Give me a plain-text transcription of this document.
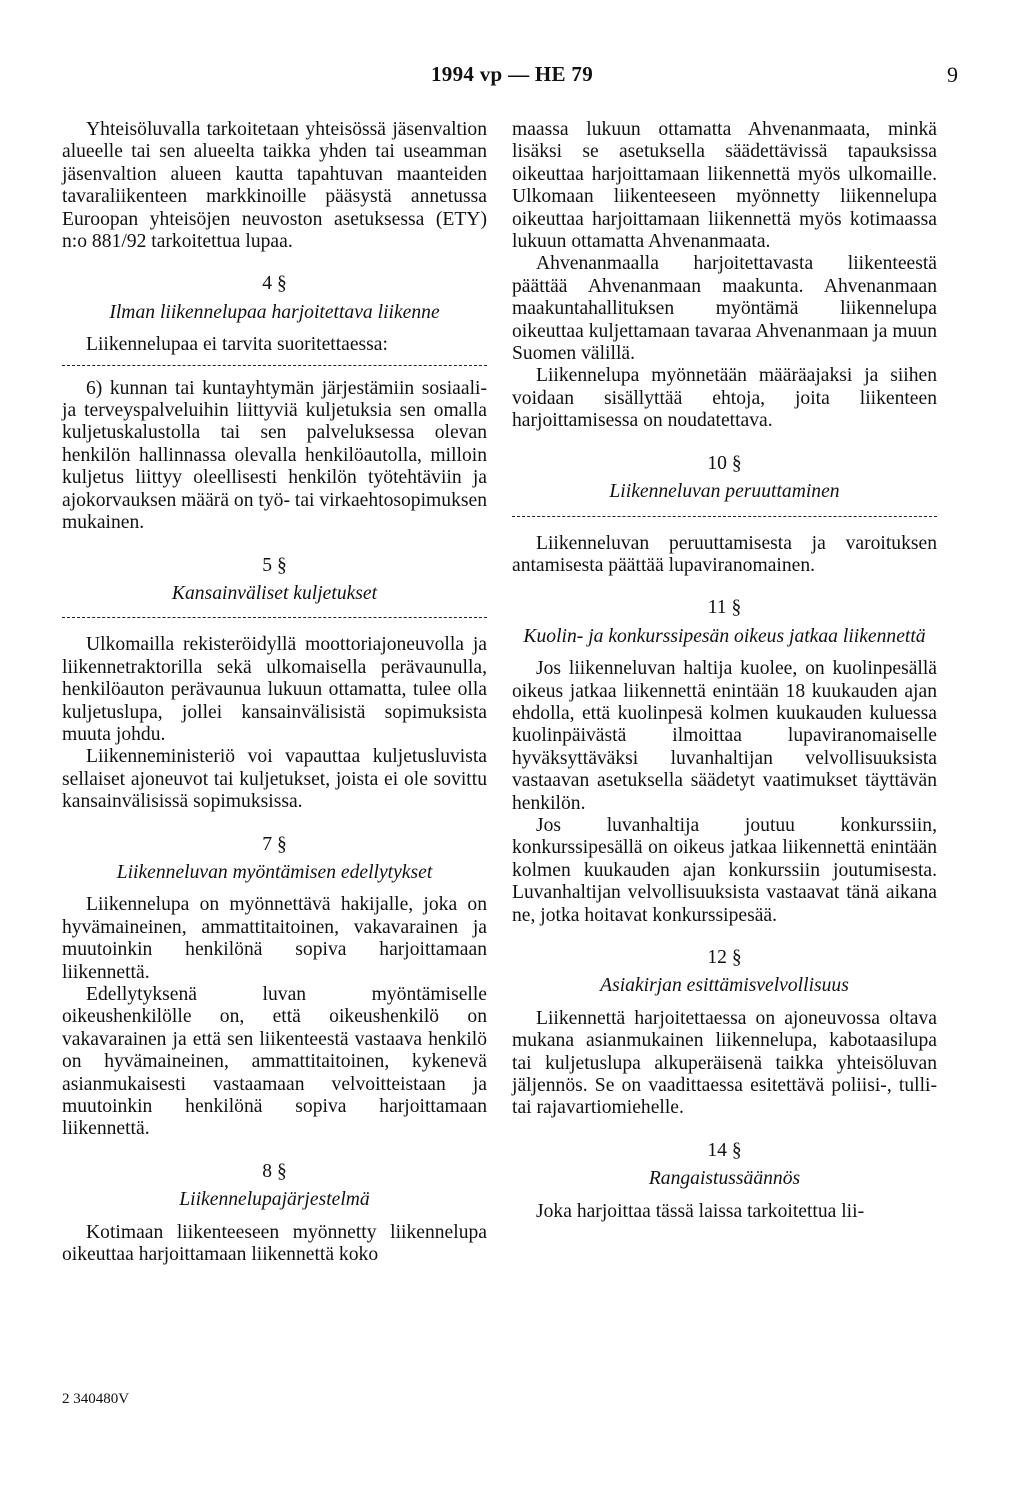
1994 vp — HE 79	9

Yhteisöluvalla tarkoitetaan yhteisössä jäsenvaltion alueelle tai sen alueelta taikka yhden tai useamman jäsenvaltion alueen kautta tapahtuvan maanteiden tavaraliikenteen markkinoille pääsystä annetussa Euroopan yhteisöjen neuvoston asetuksessa (ETY) n:o 881/92 tarkoitettua lupaa.

4 §
Ilman liikennelupaa harjoitettava liikenne

Liikennelupaa ei tarvita suoritettaessa:

6) kunnan tai kuntayhtymän järjestämiin sosiaali- ja terveyspalveluihin liittyviä kuljetuksia sen omalla kuljetuskalustolla tai sen palveluksessa olevan henkilön hallinnassa olevalla henkilöautolla, milloin kuljetus liittyy oleellisesti henkilön työtehtäviin ja ajokorvauksen määrä on työ- tai virkaehtosopimuksen mukainen.

5 §
Kansainväliset kuljetukset

Ulkomailla rekisteröidyllä moottoriajoneuvolla ja liikennetraktorilla sekä ulkomaisella perävaunulla, henkilöauton perävaunua lukuun ottamatta, tulee olla kuljetuslupa, jollei kansainvälisistä sopimuksista muuta johdu.

Liikenneministeriö voi vapauttaa kuljetusluvista sellaiset ajoneuvot tai kuljetukset, joista ei ole sovittu kansainvälisissä sopimuksissa.

7 §
Liikenneluvan myöntämisen edellytykset

Liikennelupa on myönnettävä hakijalle, joka on hyvämaineinen, ammattitaitoinen, vakavarainen ja muutoinkin henkilönä sopiva harjoittamaan liikennettä.

Edellytyksenä luvan myöntämiselle oikeushenkilölle on, että oikeushenkilö on vakavarainen ja että sen liikenteestä vastaava henkilö on hyvämaineinen, ammattitaitoinen, kykenevä asianmukaisesti vastaamaan velvoitteistaan ja muutoinkin henkilönä sopiva harjoittamaan liikennettä.

8 §
Liikennelupajärjestelmä

Kotimaan liikenteeseen myönnetty liikennelupa oikeuttaa harjoittamaan liikennettä koko

maassa lukuun ottamatta Ahvenanmaata, minkä lisäksi se asetuksella säädettävissä tapauksissa oikeuttaa harjoittamaan liikennettä myös ulkomaille. Ulkomaan liikenteeseen myönnetty liikennelupa oikeuttaa harjoittamaan liikennettä myös kotimaassa lukuun ottamatta Ahvenanmaata.

Ahvenanmaalla harjoitettavasta liikenteestä päättää Ahvenanmaan maakunta. Ahvenanmaan maakuntahallituksen myöntämä liikennelupa oikeuttaa kuljettamaan tavaraa Ahvenanmaan ja muun Suomen välillä.

Liikennelupa myönnetään määräajaksi ja siihen voidaan sisällyttää ehtoja, joita liikenteen harjoittamisessa on noudatettava.

10 §
Liikenneluvan peruuttaminen

Liikenneluvan peruuttamisesta ja varoituksen antamisesta päättää lupaviranomainen.

11 §
Kuolin- ja konkurssipesän oikeus jatkaa liikennettä

Jos liikenneluvan haltija kuolee, on kuolinpesällä oikeus jatkaa liikennettä enintään 18 kuukauden ajan ehdolla, että kuolinpesä kolmen kuukauden kuluessa kuolinpäivästä ilmoittaa lupaviranomaiselle hyväksyttäväksi luvanhaltijan velvollisuuksista vastaavan asetuksella säädetyt vaatimukset täyttävän henkilön.

Jos luvanhaltija joutuu konkurssiin, konkurssipesällä on oikeus jatkaa liikennettä enintään kolmen kuukauden ajan konkurssiin joutumisesta. Luvanhaltijan velvollisuuksista vastaavat tänä aikana ne, jotka hoitavat konkurssipesää.

12 §
Asiakirjan esittämisvelvollisuus

Liikennettä harjoitettaessa on ajoneuvossa oltava mukana asianmukainen liikennelupa, kabotaasilupa tai kuljetuslupa alkuperäisenä taikka yhteisöluvan jäljennös. Se on vaadittaessa esitettävä poliisi-, tulli- tai rajavartiomiehelle.

14 §
Rangaistussäännös

Joka harjoittaa tässä laissa tarkoitettua lii-

2 340480V
